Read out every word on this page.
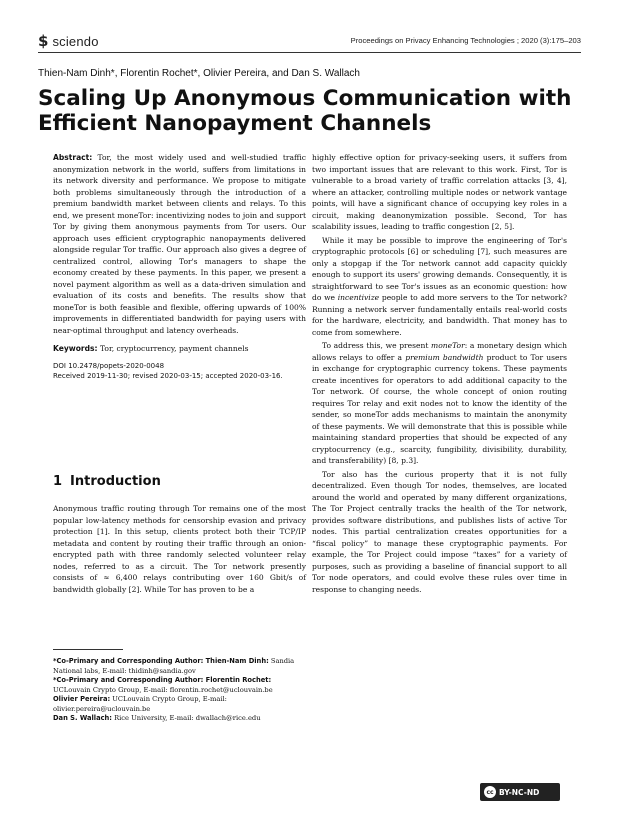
$ sciendo	Proceedings on Privacy Enhancing Technologies ; 2020 (3):175–203
Thien-Nam Dinh*, Florentin Rochet*, Olivier Pereira, and Dan S. Wallach
Scaling Up Anonymous Communication with Efficient Nanopayment Channels

Abstract: Tor, the most widely used and well-studied traffic anonymization network in the world, suffers from limitations in its network diversity and performance. We propose to mitigate both problems simultaneously through the introduction of a premium bandwidth market between clients and relays. To this end, we present moneTor: incentivizing nodes to join and support Tor by giving them anonymous payments from Tor users. Our approach uses efficient cryptographic nanopayments delivered alongside regular Tor traffic. Our approach also gives a degree of centralized control, allowing Tor's managers to shape the economy created by these payments. In this paper, we present a novel payment algorithm as well as a data-driven simulation and evaluation of its costs and benefits. The results show that moneTor is both feasible and flexible, offering upwards of 100% improvements in differentiated bandwidth for paying users with near-optimal throughput and latency overheads.

Keywords: Tor, cryptocurrency, payment channels

DOI 10.2478/popets-2020-0048
Received 2019-11-30; revised 2020-03-15; accepted 2020-03-16.
1 Introduction
Anonymous traffic routing through Tor remains one of the most popular low-latency methods for censorship evasion and privacy protection [1]. In this setup, clients protect both their TCP/IP metadata and content by routing their traffic through an onion-encrypted path with three randomly selected volunteer relay nodes, referred to as a circuit. The Tor network presently consists of ≈ 6,400 relays contributing over 160 Gbit/s of bandwidth globally [2]. While Tor has proven to be a
*Co-Primary and Corresponding Author: Thien-Nam Dinh: Sandia National labs, E-mail: thidinh@sandia.gov
*Co-Primary and Corresponding Author: Florentin Rochet: UCLouvain Crypto Group, E-mail: florentin.rochet@uclouvain.be
Olivier Pereira: UCLouvain Crypto Group, E-mail: olivier.pereira@uclouvain.be
Dan S. Wallach: Rice University, E-mail: dwallach@rice.edu

highly effective option for privacy-seeking users, it suffers from two important issues that are relevant to this work. First, Tor is vulnerable to a broad variety of traffic correlation attacks [3, 4], where an attacker, controlling multiple nodes or network vantage points, will have a significant chance of occupying key roles in a circuit, making deanonymization possible. Second, Tor has scalability issues, leading to traffic congestion [2, 5].

While it may be possible to improve the engineering of Tor's cryptographic protocols [6] or scheduling [7], such measures are only a stopgap if the Tor network cannot add capacity quickly enough to support its users' growing demands. Consequently, it is straightforward to see Tor's issues as an economic question: how do we incentivize people to add more servers to the Tor network? Running a network server fundamentally entails real-world costs for the hardware, electricity, and bandwidth. That money has to come from somewhere.

To address this, we present moneTor: a monetary design which allows relays to offer a premium bandwidth product to Tor users in exchange for cryptographic currency tokens. These payments create incentives for operators to add additional capacity to the Tor network. Of course, the whole concept of onion routing requires Tor relay and exit nodes not to know the identity of the sender, so moneTor adds mechanisms to maintain the anonymity of these payments. We will demonstrate that this is possible while maintaining standard properties that should be expected of any cryptocurrency (e.g., scarcity, fungibility, divisibility, durability, and transferability) [8, p.3].

Tor also has the curious property that it is not fully decentralized. Even though Tor nodes, themselves, are located around the world and operated by many different organizations, The Tor Project centrally tracks the health of the Tor network, provides software distributions, and publishes lists of active Tor nodes. This partial centralization creates opportunities for a “fiscal policy” to manage these cryptographic payments. For example, the Tor Project could impose “taxes” for a variety of purposes, such as providing a baseline of financial support to all Tor node operators, and could evolve these rules over time in response to changing needs.

cc BY-NC-ND
